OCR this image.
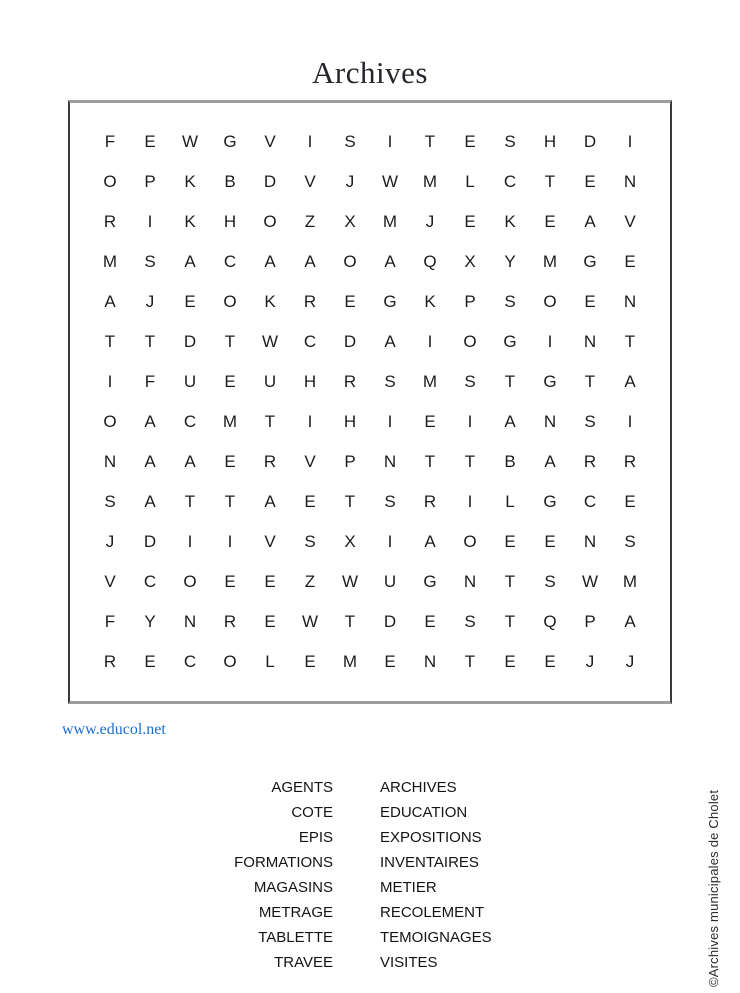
Archives
F	E	W	G	V	I	S	I	T	E	S	H	D	I
O	P	K	B	D	V	J	W	M	L	C	T	E	N
R	I	K	H	O	Z	X	M	J	E	K	E	A	V
M	S	A	C	A	A	O	A	Q	X	Y	M	G	E
A	J	E	O	K	R	E	G	K	P	S	O	E	N
T	T	D	T	W	C	D	A	I	O	G	I	N	T
I	F	U	E	U	H	R	S	M	S	T	G	T	A
O	A	C	M	T	I	H	I	E	I	A	N	S	I
N	A	A	E	R	V	P	N	T	T	B	A	R	R
S	A	T	T	A	E	T	S	R	I	L	G	C	E
J	D	I	I	V	S	X	I	A	O	E	E	N	S
V	C	O	E	E	Z	W	U	G	N	T	S	W	M
F	Y	N	R	E	W	T	D	E	S	T	Q	P	A
R	E	C	O	L	E	M	E	N	T	E	E	J	J
www.educol.net
AGENTS
COTE
EPIS
FORMATIONS
MAGASINS
METRAGE
TABLETTE
TRAVEE
ARCHIVES
EDUCATION
EXPOSITIONS
INVENTAIRES
METIER
RECOLEMENT
TEMOIGNAGES
VISITES	©Archives municipales de Cholet
